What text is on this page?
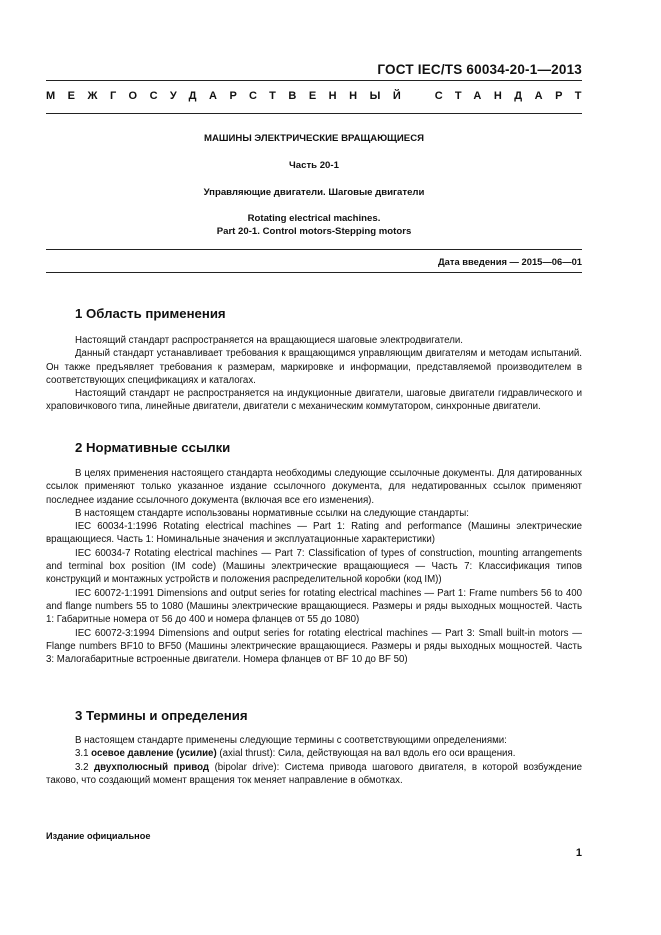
ГОСТ IEC/TS 60034-20-1—2013
МЕЖГОСУДАРСТВЕННЫЙ СТАНДАРТ
МАШИНЫ ЭЛЕКТРИЧЕСКИЕ ВРАЩАЮЩИЕСЯ
Часть 20-1
Управляющие двигатели. Шаговые двигатели
Rotating electrical machines.
Part 20-1. Control motors-Stepping motors
Дата введения — 2015—06—01
1 Область применения

Настоящий стандарт распространяется на вращающиеся шаговые электродвигатели.

Данный стандарт устанавливает требования к вращающимся управляющим двигателям и методам испытаний. Он также предъявляет требования к размерам, маркировке и информации, представляемой производителем в соответствующих спецификациях и каталогах.

Настоящий стандарт не распространяется на индукционные двигатели, шаговые двигатели гидравлического и храповичкового типа, линейные двигатели, двигатели с механическим коммутатором, синхронные двигатели.

2 Нормативные ссылки

В целях применения настоящего стандарта необходимы следующие ссылочные документы. Для датированных ссылок применяют только указанное издание ссылочного документа, для недатированных ссылок применяют последнее издание ссылочного документа (включая все его изменения).

В настоящем стандарте использованы нормативные ссылки на следующие стандарты:

IEC 60034-1:1996 Rotating electrical machines — Part 1: Rating and performance (Машины электрические вращающиеся. Часть 1: Номинальные значения и эксплуатационные характеристики)

IEC 60034-7 Rotating electrical machines — Part 7: Classification of types of construction, mounting arrangements and terminal box position (IM code) (Машины электрические вращающиеся — Часть 7: Классификация типов конструкций и монтажных устройств и положения распределительной коробки (код IM))

IEC 60072-1:1991 Dimensions and output series for rotating electrical machines — Part 1: Frame numbers 56 to 400 and flange numbers 55 to 1080 (Машины электрические вращающиеся. Размеры и ряды выходных мощностей. Часть 1: Габаритные номера от 56 до 400 и номера фланцев от 55 до 1080)

IEC 60072-3:1994 Dimensions and output series for rotating electrical machines — Part 3: Small built-in motors — Flange numbers BF10 to BF50 (Машины электрические вращающиеся. Размеры и ряды выходных мощностей. Часть 3: Малогабаритные встроенные двигатели. Номера фланцев от BF 10 до BF 50)

3 Термины и определения

В настоящем стандарте применены следующие термины с соответствующими определениями:

3.1 осевое давление (усилие) (axial thrust): Сила, действующая на вал вдоль его оси вращения.

3.2 двухполюсный привод (bipolar drive): Система привода шагового двигателя, в которой возбуждение таково, что создающий момент вращения ток меняет направление в обмотках.

Издание официальное
1
